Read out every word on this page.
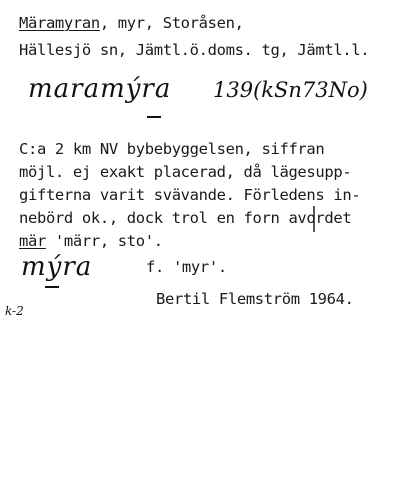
Märamyran, myr, Storåsen,
Hällesjö sn, Jämtl.ö.doms. tg, Jämtl.l.
maramýra 139(kSn73No)
C:a 2 km NV bybebyggelsen, siffran
möjl. ej exakt placerad, då lägesupp-
gifterna varit svävande. Förledens in-
nebörd ok., dock trol en forn avordet
mär 'märr, sto'.
mýra	f. 'myr'.
Bertil Flemström 1964.
k-2
